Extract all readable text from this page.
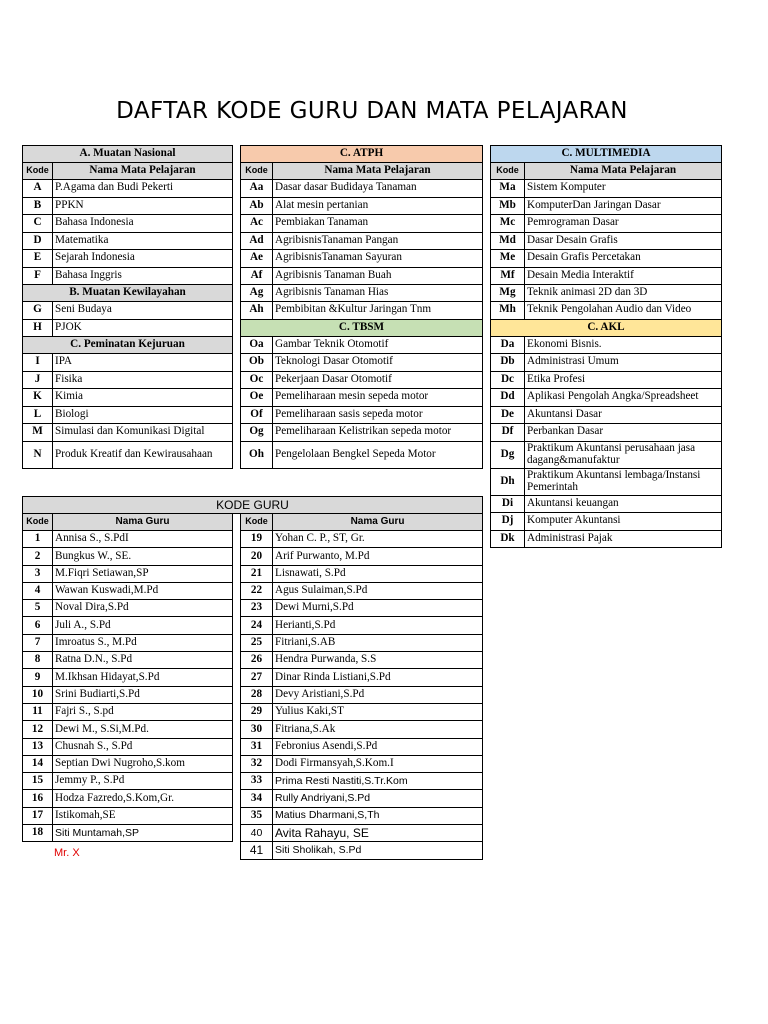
DAFTAR KODE GURU DAN MATA PELAJARAN
A. Muatan Nasional	
Kode	Nama Mata Pelajaran
A	P.Agama dan Budi Pekerti
B	PPKN
C	Bahasa Indonesia
D	Matematika
E	Sejarah Indonesia
F	Bahasa Inggris
B. Muatan Kewilayahan	
G	Seni Budaya
H	PJOK
C. Peminatan Kejuruan	
I	IPA
J	Fisika
K	Kimia
L	Biologi
M	Simulasi dan Komunikasi Digital
N	Produk Kreatif dan Kewirausahaan
C. ATPH	
Kode	Nama Mata Pelajaran
Aa	Dasar dasar Budidaya Tanaman
Ab	Alat mesin pertanian
Ac	Pembiakan Tanaman
Ad	AgribisnisTanaman Pangan
Ae	AgribisnisTanaman Sayuran
Af	Agribisnis Tanaman Buah
Ag	Agribisnis Tanaman Hias
Ah	Pembibitan &Kultur Jaringan Tnm
C. TBSM	
Oa	Gambar Teknik Otomotif
Ob	Teknologi Dasar Otomotif
Oc	Pekerjaan Dasar Otomotif
Oe	Pemeliharaan mesin sepeda motor
Of	Pemeliharaan sasis sepeda motor
Og	Pemeliharaan Kelistrikan sepeda motor
Oh	Pengelolaan Bengkel Sepeda Motor
C. MULTIMEDIA	
Kode	Nama Mata Pelajaran
Ma	Sistem Komputer
Mb	KomputerDan Jaringan Dasar
Mc	Pemrograman Dasar
Md	Dasar Desain Grafis
Me	Desain Grafis Percetakan
Mf	Desain Media Interaktif
Mg	Teknik animasi 2D dan 3D
Mh	Teknik Pengolahan Audio dan Video
C. AKL	
Da	Ekonomi Bisnis.
Db	Administrasi Umum
Dc	Etika Profesi
Dd	Aplikasi Pengolah Angka/Spreadsheet
De	Akuntansi Dasar
Df	Perbankan Dasar
Dg	Praktikum Akuntansi perusahaan jasa dagang&manufaktur
Dh	Praktikum Akuntansi lembaga/Instansi Pemerintah
Di	Akuntansi keuangan
Dj	Komputer Akuntansi
Dk	Administrasi Pajak
KODE GURU				
Kode	Nama Guru		Kode	Nama Guru
1	Annisa S., S.PdI		19	Yohan C. P., ST, Gr.
2	Bungkus W., SE.		20	Arif Purwanto, M.Pd
3	M.Fiqri Setiawan,SP		21	Lisnawati, S.Pd
4	Wawan Kuswadi,M.Pd		22	Agus Sulaiman,S.Pd
5	Noval Dira,S.Pd		23	Dewi Murni,S.Pd
6	Juli A., S.Pd		24	Herianti,S.Pd
7	Imroatus S., M.Pd		25	Fitriani,S.AB
8	Ratna D.N., S.Pd		26	Hendra Purwanda, S.S
9	M.Ikhsan Hidayat,S.Pd		27	Dinar Rinda Listiani,S.Pd
10	Srini Budiarti,S.Pd		28	Devy Aristiani,S.Pd
11	Fajri S., S.pd		29	Yulius Kaki,ST
12	Dewi M., S.Si,M.Pd.		30	Fitriana,S.Ak
13	Chusnah S., S.Pd		31	Febronius Asendi,S.Pd
14	Septian Dwi Nugroho,S.kom		32	Dodi Firmansyah,S.Kom.I
15	Jemmy P., S.Pd		33	Prima Resti Nastiti,S.Tr.Kom
16	Hodza Fazredo,S.Kom,Gr.		34	Rully Andriyani,S.Pd
17	Istikomah,SE		35	Matius Dharmani,S,Th
18	Siti Muntamah,SP		40	Avita Rahayu, SE
			41	Siti Sholikah, S.Pd
Mr. X
